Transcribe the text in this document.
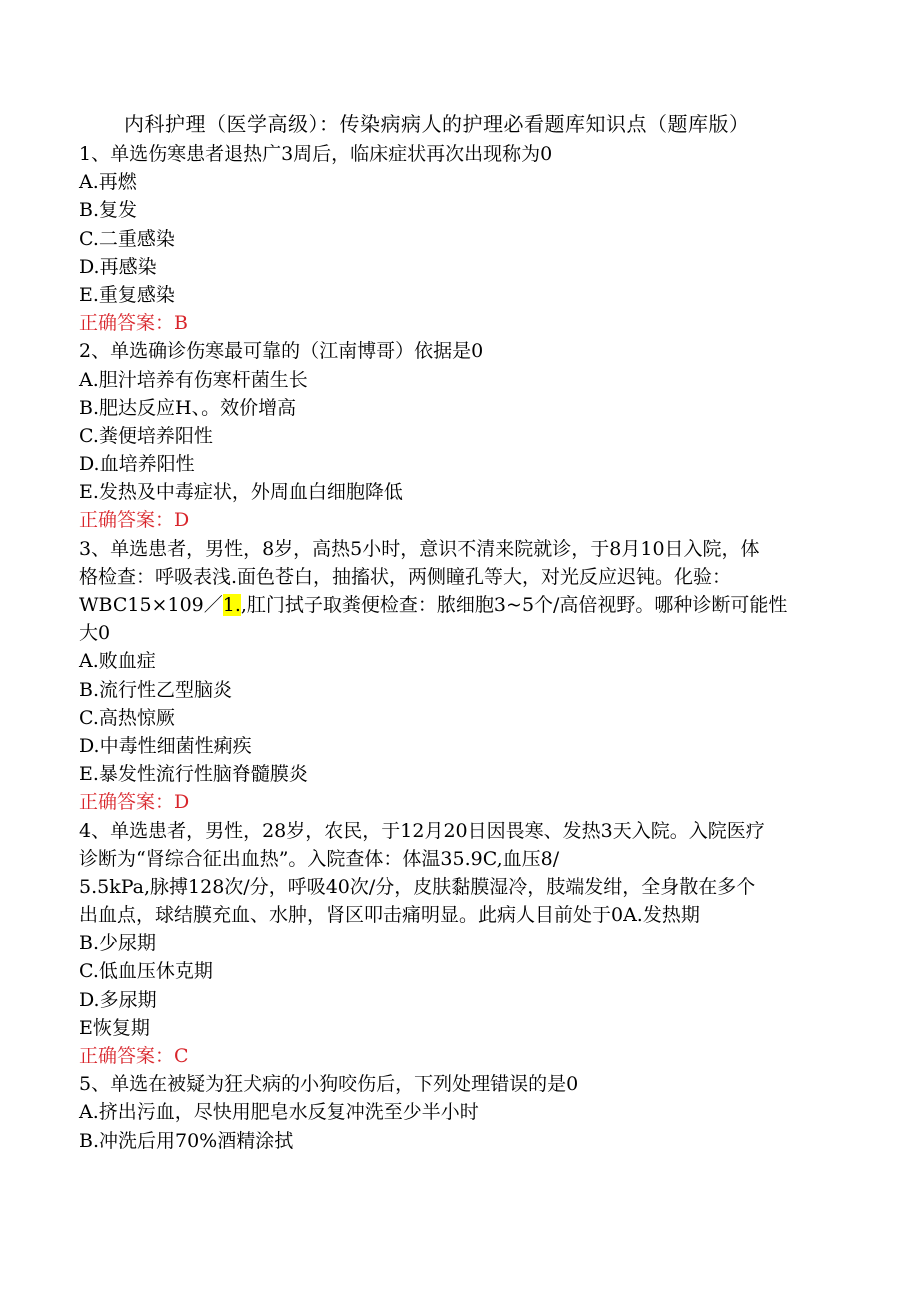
内科护理（医学高级）：传染病病人的护理必看题库知识点（题库版）
1、单选伤寒患者退热广3周后，临床症状再次出现称为0
A.再燃
B.复发
C.二重感染
D.再感染
E.重复感染
正确答案：B
2、单选确诊伤寒最可靠的（江南博哥）依据是0
A.胆汁培养有伤寒杆菌生长
B.肥达反应H、。效价增高
C.粪便培养阳性
D.血培养阳性
E.发热及中毒症状，外周血白细胞降低
正确答案：D
3、单选患者，男性，8岁，高热5小时，意识不清来院就诊，于8月10日入院，体
格检查：呼吸表浅.面色苍白，抽搐状，两侧瞳孔等大，对光反应迟钝。化验：
WBC15×109／1.,肛门拭子取粪便检查：脓细胞3~5个/高倍视野。哪种诊断可能性
大0
A.败血症
B.流行性乙型脑炎
C.高热惊厥
D.中毒性细菌性痢疾
E.暴发性流行性脑脊髓膜炎
正确答案：D
4、单选患者，男性，28岁，农民，于12月20日因畏寒、发热3天入院。入院医疗
诊断为“肾综合征出血热”。入院查体：体温35.9C,血压8/
5.5kPa,脉搏128次/分，呼吸40次/分，皮肤黏膜湿冷，肢端发绀，全身散在多个
出血点，球结膜充血、水肿，肾区叩击痛明显。此病人目前处于0A.发热期
B.少尿期
C.低血压休克期
D.多尿期
E恢复期
正确答案：C
5、单选在被疑为狂犬病的小狗咬伤后，下列处理错误的是0
A.挤出污血，尽快用肥皂水反复冲洗至少半小时
B.冲洗后用70%酒精涂拭
